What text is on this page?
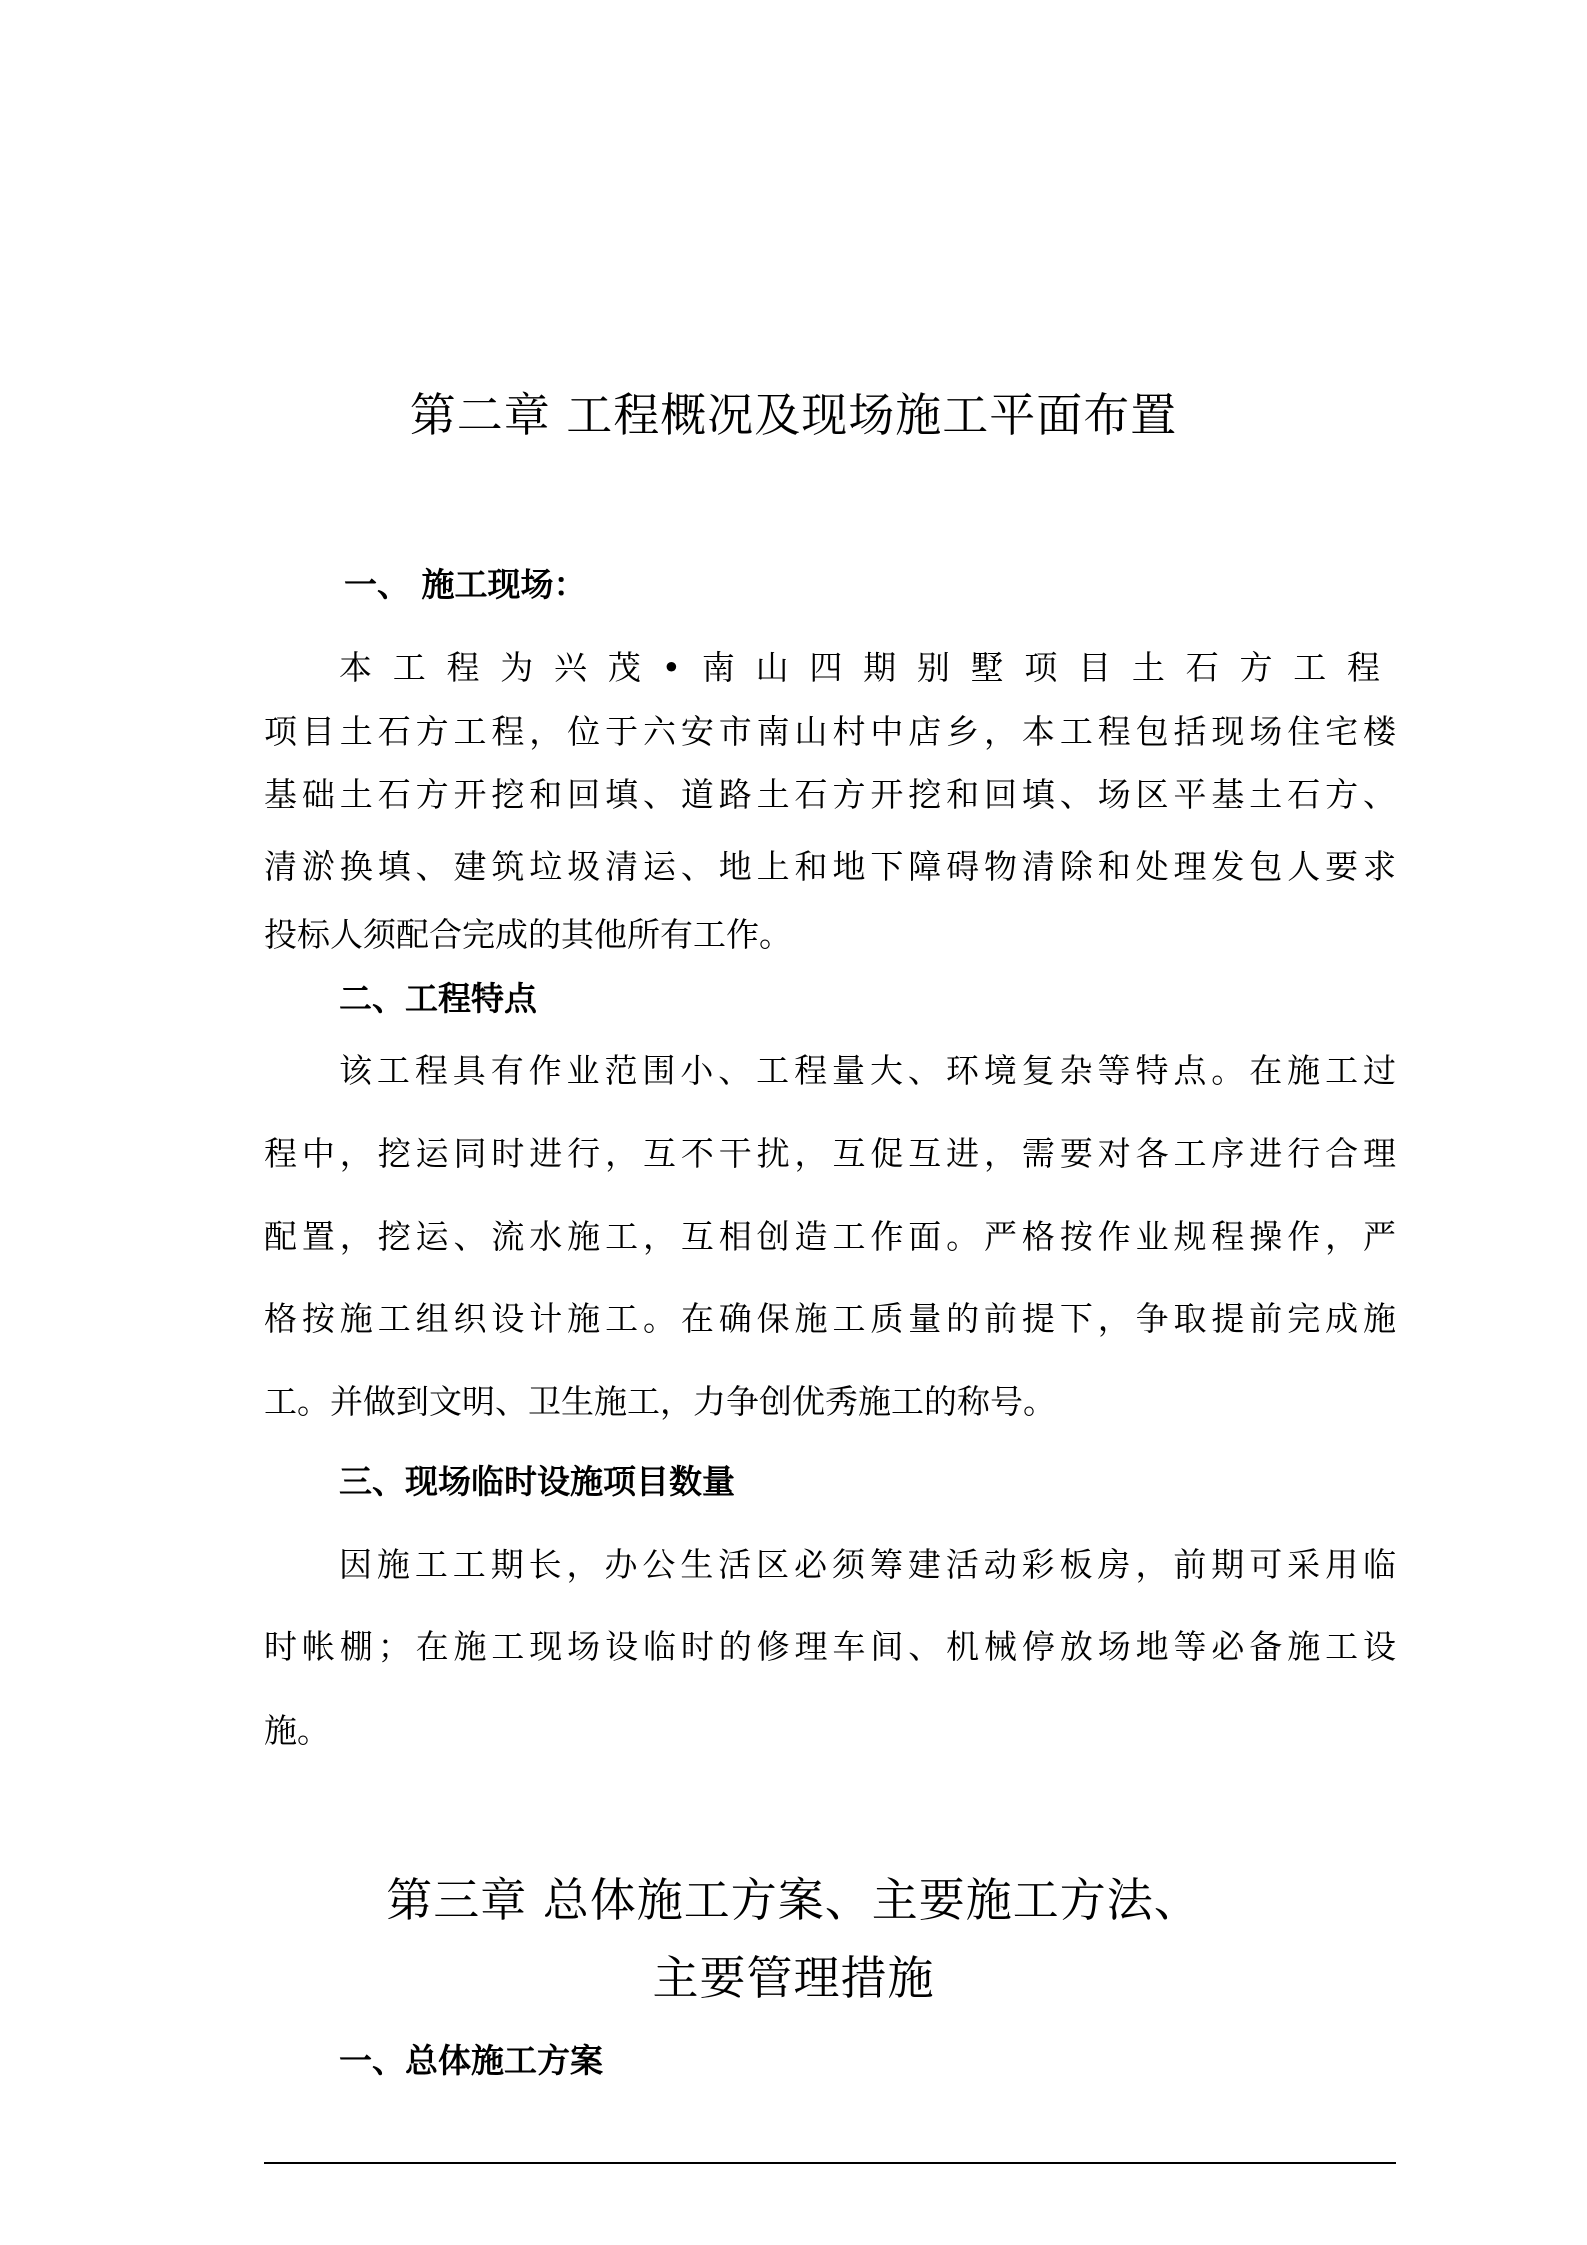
第二章 工程概况及现场施工平面布置
一、 施工现场：

本工程为兴茂•南山四期别墅项目土石方工程

项目土石方工程，位于六安市南山村中店乡，本工程包括现场住宅楼

基础土石方开挖和回填、道路土石方开挖和回填、场区平基土石方、

清淤换填、建筑垃圾清运、地上和地下障碍物清除和处理发包人要求

投标人须配合完成的其他所有工作。

二、工程特点

该工程具有作业范围小、工程量大、环境复杂等特点。在施工过

程中，挖运同时进行，互不干扰，互促互进，需要对各工序进行合理

配置，挖运、流水施工，互相创造工作面。严格按作业规程操作，严

格按施工组织设计施工。在确保施工质量的前提下，争取提前完成施

工。并做到文明、卫生施工，力争创优秀施工的称号。

三、现场临时设施项目数量

因施工工期长，办公生活区必须筹建活动彩板房，前期可采用临

时帐棚；在施工现场设临时的修理车间、机械停放场地等必备施工设

施。

第三章 总体施工方案、主要施工方法、
主要管理措施
一、总体施工方案
